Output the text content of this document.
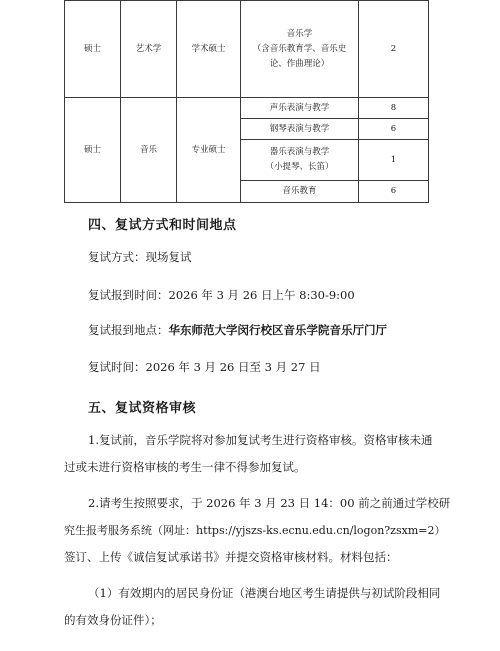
硕士	艺术学	学术硕士	音乐学
（含音乐教育学、音乐史
论、作曲理论）	2
硕士	音乐	专业硕士	声乐表演与教学	8
			钢琴表演与教学	6

			器乐表演与教学
（小提琴、长笛）	1
			音乐教育	6
四、复试方式和时间地点
复试方式：现场复试
复试报到时间：2026 年 3 月 26 日上午 8:30-9:00
复试报到地点：华东师范大学闵行校区音乐学院音乐厅门厅
复试时间：2026 年 3 月 26 日至 3 月 27 日
五、复试资格审核
1.复试前，音乐学院将对参加复试考生进行资格审核。资格审核未通
过或未进行资格审核的考生一律不得参加复试。
2.请考生按照要求，于 2026 年 3 月 23 日 14：00 前之前通过学校研
究生报考服务系统（网址：https://yjszs-ks.ecnu.edu.cn/logon?zsxm=2）
签订、上传《诚信复试承诺书》并提交资格审核材料。材料包括：
（1）有效期内的居民身份证（港澳台地区考生请提供与初试阶段相同
的有效身份证件）；
